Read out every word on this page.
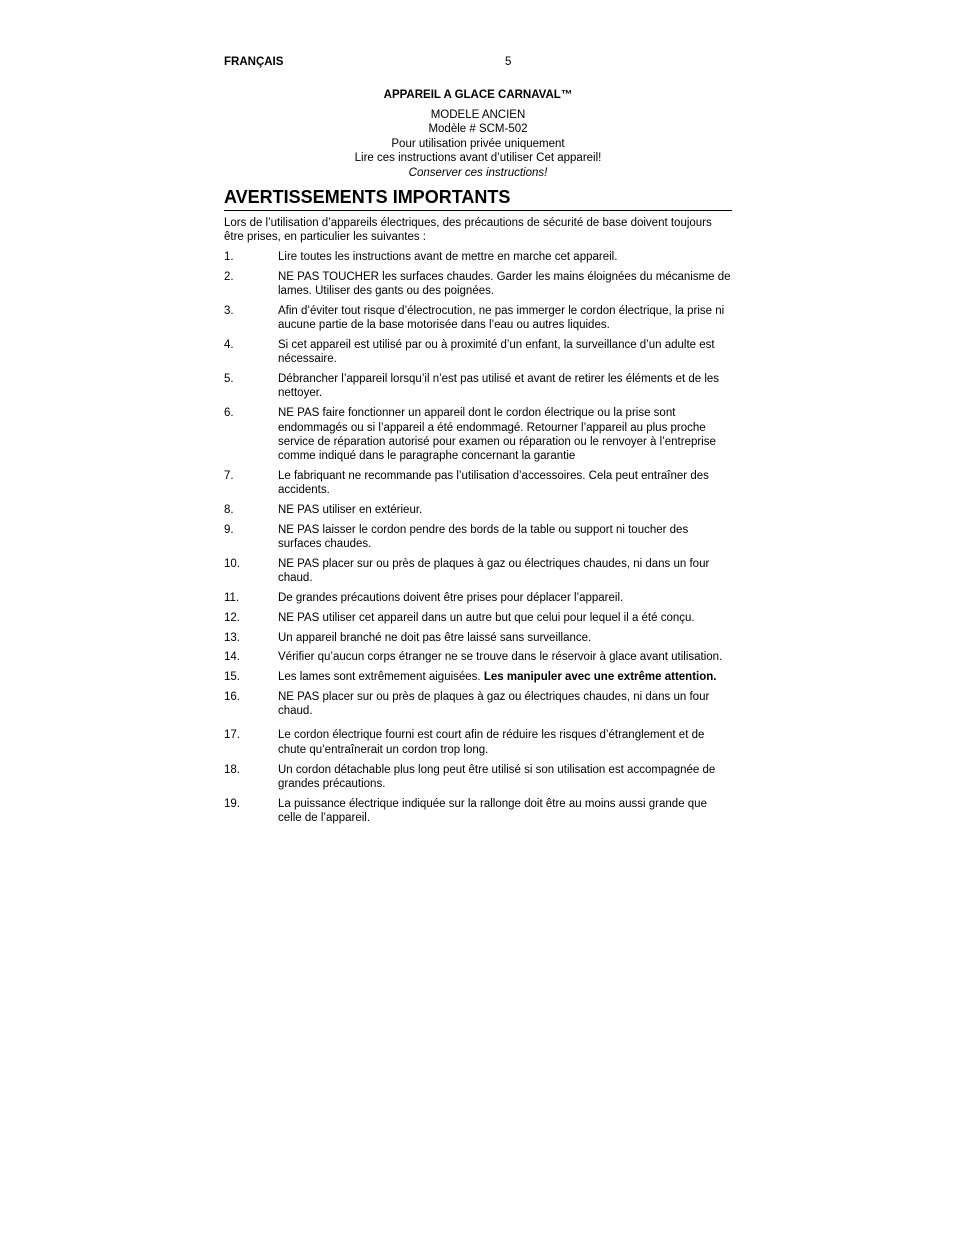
FRANÇAIS	5
APPAREIL A GLACE CARNAVAL™
MODELE ANCIEN
Modèle # SCM-502
Pour utilisation privée uniquement
Lire ces instructions avant d’utiliser Cet appareil!
Conserver ces instructions!
AVERTISSEMENTS IMPORTANTS
Lors de l’utilisation d’appareils électriques, des précautions de sécurité de base doivent toujours être prises, en particulier les suivantes :
1.	Lire toutes les instructions avant de mettre en marche cet appareil.
2.	NE PAS TOUCHER les surfaces chaudes. Garder les mains éloignées du mécanisme de lames. Utiliser des gants ou des poignées.
3.	Afin d’éviter tout risque d’électrocution, ne pas immerger le cordon électrique, la prise ni aucune partie de la base motorisée dans l’eau ou autres liquides.
4.	Si cet appareil est utilisé par ou à proximité d’un enfant, la surveillance d’un adulte est nécessaire.
5.	Débrancher l’appareil lorsqu’il n’est pas utilisé et avant de retirer les éléments et de les nettoyer.
6.	NE PAS faire fonctionner un appareil dont le cordon électrique ou la prise sont endommagés ou si l’appareil a été endommagé. Retourner l’appareil au plus proche service de réparation autorisé pour examen ou réparation ou le renvoyer à l’entreprise comme indiqué dans le paragraphe concernant la garantie
7.	Le fabriquant ne recommande pas l’utilisation d’accessoires. Cela peut entraîner des accidents.
8.	NE PAS utiliser en extérieur.
9.	NE PAS laisser le cordon pendre des bords de la table ou support ni toucher des surfaces chaudes.
10.	NE PAS placer sur ou près de plaques à gaz ou électriques chaudes, ni dans un four chaud.
11.	De grandes précautions doivent être prises pour déplacer l’appareil.
12.	NE PAS utiliser cet appareil dans un autre but que celui pour lequel il a été conçu.
13.	Un appareil branché ne doit pas être laissé sans surveillance.
14.	Vérifier qu’aucun corps étranger ne se trouve dans le réservoir à glace avant utilisation.
15.	Les lames sont extrêmement aiguisées. Les manipuler avec une extrême attention.
16.	NE PAS placer sur ou près de plaques à gaz ou électriques chaudes, ni dans un four chaud.
17.	Le cordon électrique fourni est court afin de réduire les risques d’étranglement et de chute qu’entraînerait un cordon trop long.
18.	Un cordon détachable plus long peut être utilisé si son utilisation est accompagnée de grandes précautions.
19.	La puissance électrique indiquée sur la rallonge doit être au moins aussi grande que celle de l’appareil.
